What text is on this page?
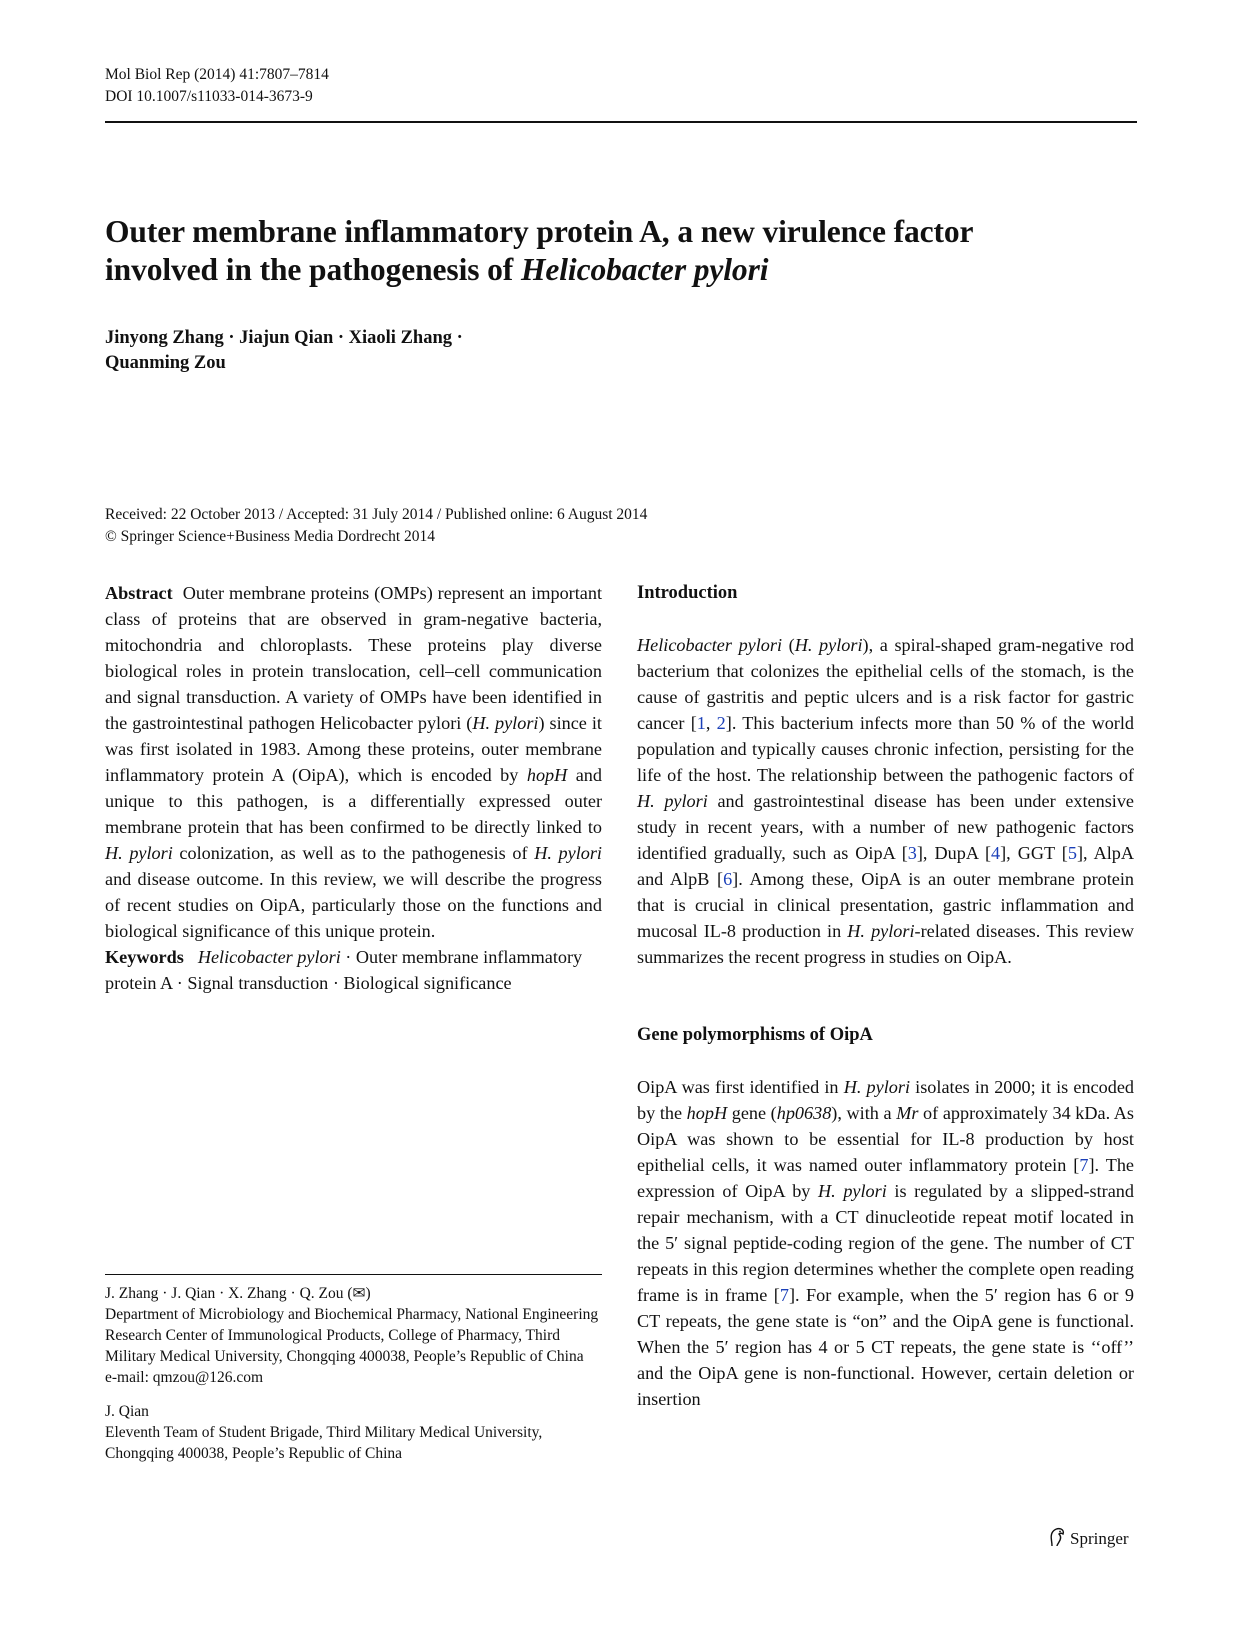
Mol Biol Rep (2014) 41:7807–7814
DOI 10.1007/s11033-014-3673-9
Outer membrane inflammatory protein A, a new virulence factor
involved in the pathogenesis of Helicobacter pylori
Jinyong Zhang · Jiajun Qian · Xiaoli Zhang ·
Quanming Zou
Received: 22 October 2013 / Accepted: 31 July 2014 / Published online: 6 August 2014
© Springer Science+Business Media Dordrecht 2014

Abstract Outer membrane proteins (OMPs) represent an important class of proteins that are observed in gram-negative bacteria, mitochondria and chloroplasts. These proteins play diverse biological roles in protein translocation, cell–cell communication and signal transduction. A variety of OMPs have been identified in the gastrointestinal pathogen Helicobacter pylori (H. pylori) since it was first isolated in 1983. Among these proteins, outer membrane inflammatory protein A (OipA), which is encoded by hopH and unique to this pathogen, is a differentially expressed outer membrane protein that has been confirmed to be directly linked to H. pylori colonization, as well as to the pathogenesis of H. pylori and disease outcome. In this review, we will describe the progress of recent studies on OipA, particularly those on the functions and biological significance of this unique protein.

Keywords Helicobacter pylori · Outer membrane inflammatory protein A · Signal transduction · Biological significance

J. Zhang · J. Qian · X. Zhang · Q. Zou (✉)

Department of Microbiology and Biochemical Pharmacy, National Engineering Research Center of Immunological Products, College of Pharmacy, Third Military Medical University, Chongqing 400038, People’s Republic of China

e-mail: qmzou@126.com

J. Qian

Eleventh Team of Student Brigade, Third Military Medical University, Chongqing 400038, People’s Republic of China

Introduction

Helicobacter pylori (H. pylori), a spiral-shaped gram-negative rod bacterium that colonizes the epithelial cells of the stomach, is the cause of gastritis and peptic ulcers and is a risk factor for gastric cancer [1, 2]. This bacterium infects more than 50 % of the world population and typically causes chronic infection, persisting for the life of the host. The relationship between the pathogenic factors of H. pylori and gastrointestinal disease has been under extensive study in recent years, with a number of new pathogenic factors identified gradually, such as OipA [3], DupA [4], GGT [5], AlpA and AlpB [6]. Among these, OipA is an outer membrane protein that is crucial in clinical presentation, gastric inflammation and mucosal IL-8 production in H. pylori-related diseases. This review summarizes the recent progress in studies on OipA.

Gene polymorphisms of OipA

OipA was first identified in H. pylori isolates in 2000; it is encoded by the hopH gene (hp0638), with a Mr of approximately 34 kDa. As OipA was shown to be essential for IL-8 production by host epithelial cells, it was named outer inflammatory protein [7]. The expression of OipA by H. pylori is regulated by a slipped-strand repair mechanism, with a CT dinucleotide repeat motif located in the 5′ signal peptide-coding region of the gene. The number of CT repeats in this region determines whether the complete open reading frame is in frame [7]. For example, when the 5′ region has 6 or 9 CT repeats, the gene state is “on” and the OipA gene is functional. When the 5′ region has 4 or 5 CT repeats, the gene state is ‘‘off’’ and the OipA gene is non-functional. However, certain deletion or insertion

Springer
